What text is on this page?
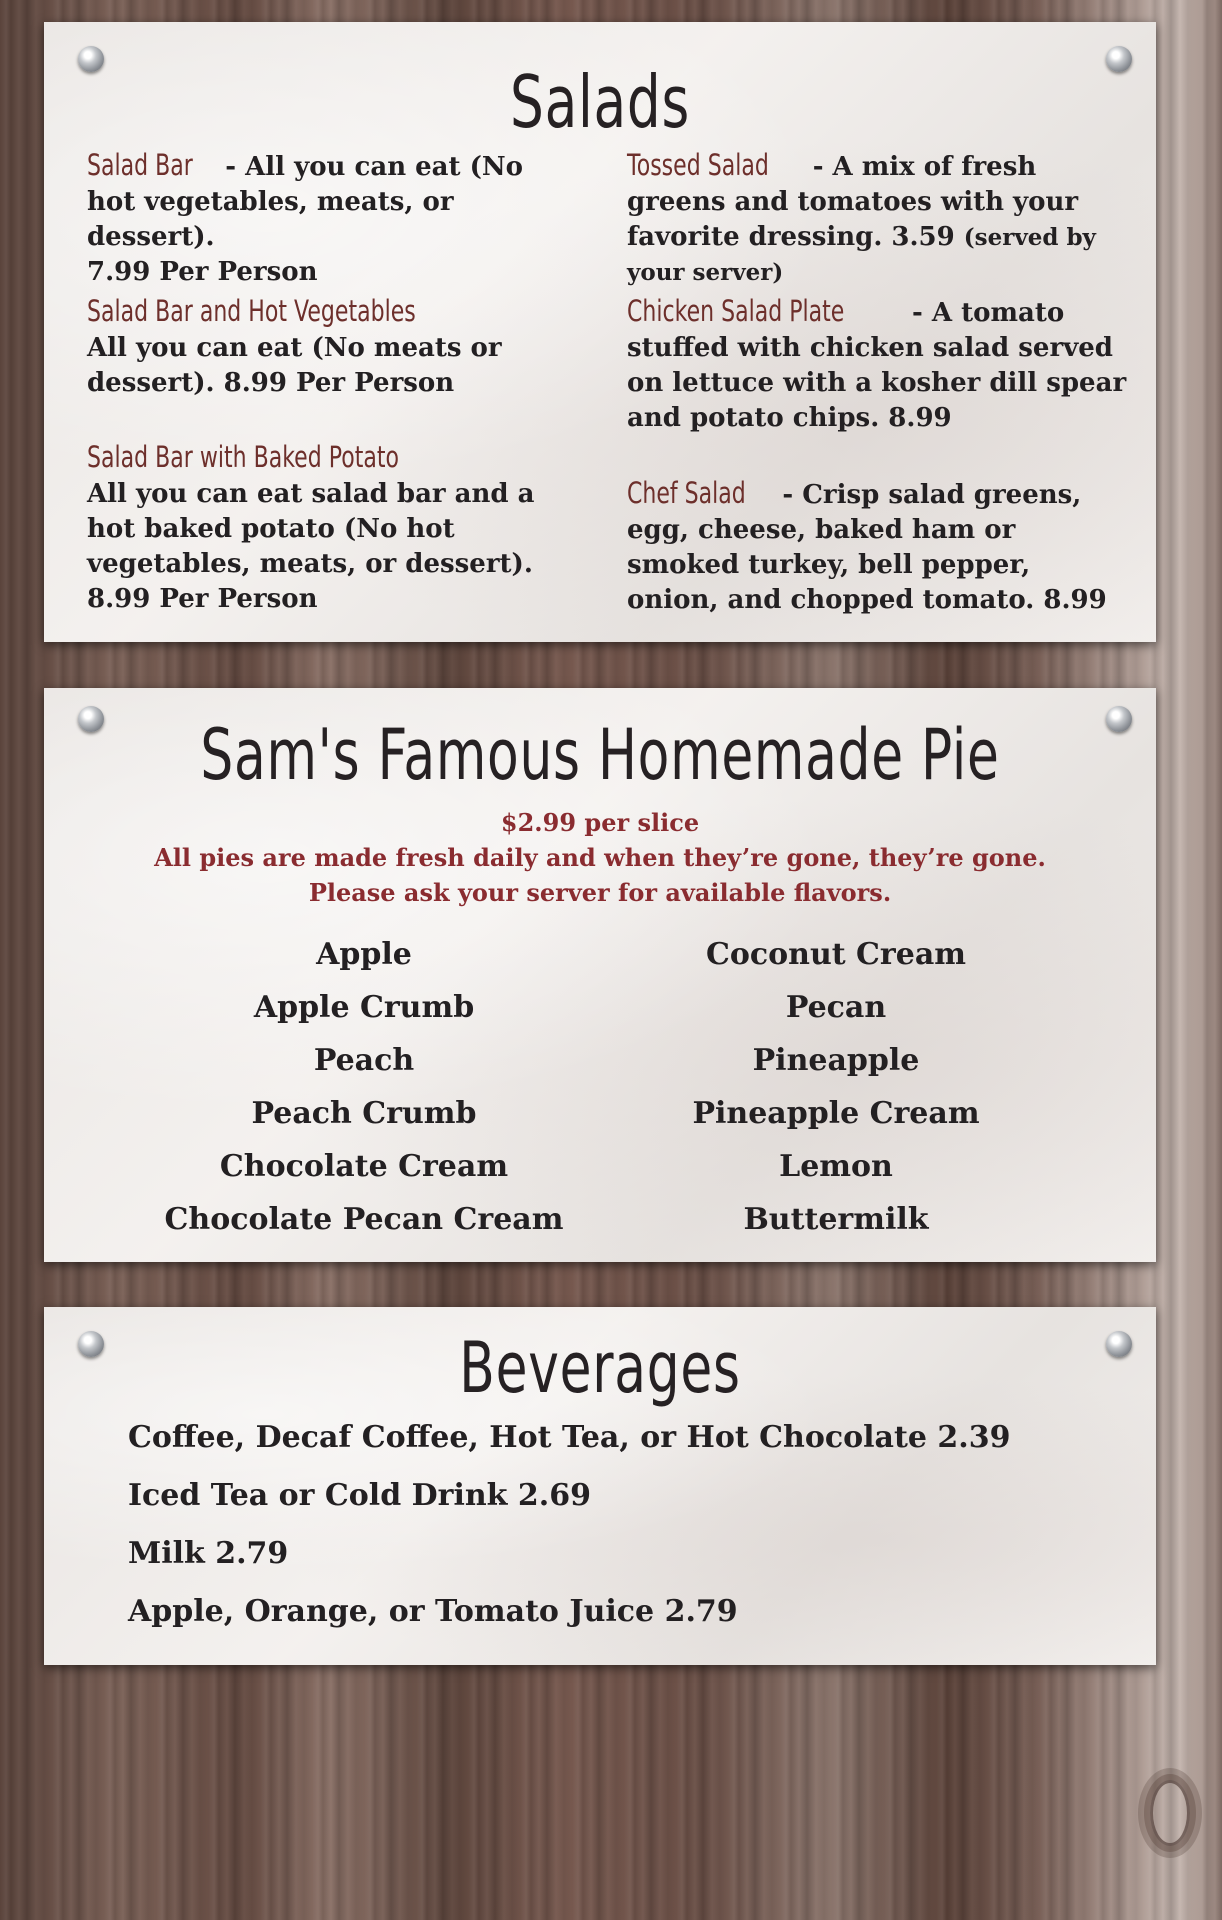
Salads

Salad Bar - All you can eat (No hot vegetables, meats, or dessert).
7.99 Per Person

Salad Bar and Hot Vegetables
All you can eat (No meats or dessert). 8.99 Per Person

Salad Bar with Baked Potato
All you can eat salad bar and a hot baked potato (No hot vegetables, meats, or dessert). 8.99 Per Person

Tossed Salad - A mix of fresh greens and tomatoes with your favorite dressing. 3.59 (served by your server)

Chicken Salad Plate - A tomato stuffed with chicken salad served on lettuce with a kosher dill spear and potato chips. 8.99

Chef Salad - Crisp salad greens, egg, cheese, baked ham or smoked turkey, bell pepper, onion, and chopped tomato. 8.99

Sam's Famous Homemade Pie

$2.99 per slice

All pies are made fresh daily and when they’re gone, they’re gone.

Please ask your server for available flavors.

Apple
Apple Crumb
Peach
Peach Crumb
Chocolate Cream
Chocolate Pecan Cream
Coconut Cream
Pecan
Pineapple
Pineapple Cream
Lemon
Buttermilk
Beverages

Coffee, Decaf Coffee, Hot Tea, or Hot Chocolate 2.39

Iced Tea or Cold Drink 2.69

Milk 2.79

Apple, Orange, or Tomato Juice 2.79
